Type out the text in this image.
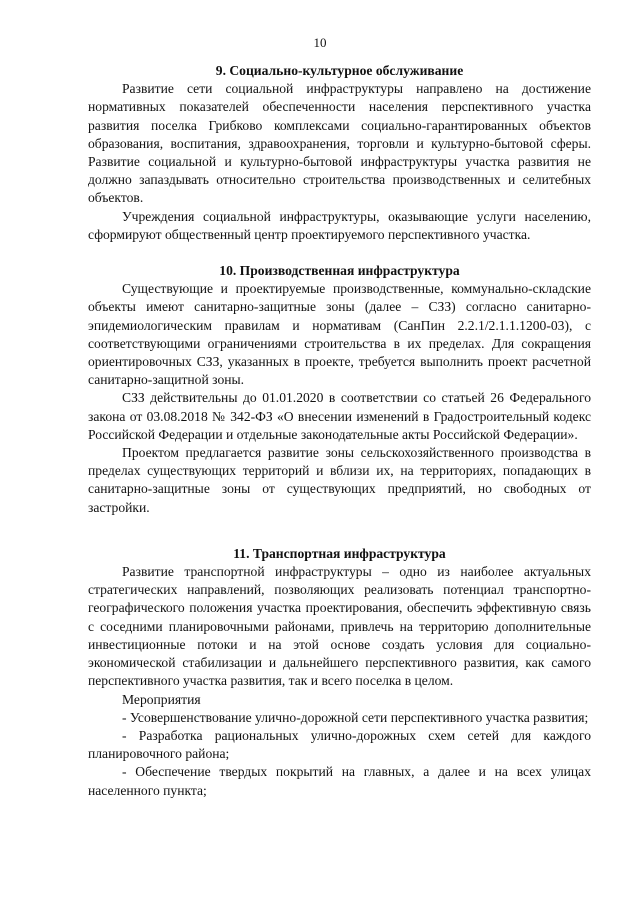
10
9. Социально-культурное обслуживание

Развитие сети социальной инфраструктуры направлено на достижение нормативных показателей обеспеченности населения перспективного участка развития поселка Грибково комплексами социально-гарантированных объектов образования, воспитания, здравоохранения, торговли и культурно-бытовой сферы. Развитие социальной и культурно-бытовой инфраструктуры участка развития не должно запаздывать относительно строительства производственных и селитебных объектов.

Учреждения социальной инфраструктуры, оказывающие услуги населению, сформируют общественный центр проектируемого перспективного участка.

10. Производственная инфраструктура

Существующие и проектируемые производственные, коммунально-складские объекты имеют санитарно-защитные зоны (далее – СЗЗ) согласно санитарно-эпидемиологическим правилам и нормативам (СанПин 2.2.1/2.1.1.1200-03), с соответствующими ограничениями строительства в их пределах. Для сокращения ориентировочных СЗЗ, указанных в проекте, требуется выполнить проект расчетной санитарно-защитной зоны.

СЗЗ действительны до 01.01.2020 в соответствии со статьей 26 Федерального закона от 03.08.2018 № 342-ФЗ «О внесении изменений в Градостроительный кодекс Российской Федерации и отдельные законодательные акты Российской Федерации».

Проектом предлагается развитие зоны сельскохозяйственного производства в пределах существующих территорий и вблизи их, на территориях, попадающих в санитарно-защитные зоны от существующих предприятий, но свободных от застройки.

11. Транспортная инфраструктура

Развитие транспортной инфраструктуры – одно из наиболее актуальных стратегических направлений, позволяющих реализовать потенциал транспортно-географического положения участка проектирования, обеспечить эффективную связь с соседними планировочными районами, привлечь на территорию дополнительные инвестиционные потоки и на этой основе создать условия для социально-экономической стабилизации и дальнейшего перспективного развития, как самого перспективного участка развития, так и всего поселка в целом.

Мероприятия

- Усовершенствование улично-дорожной сети перспективного участка развития;

- Разработка рациональных улично-дорожных схем сетей для каждого планировочного района;

- Обеспечение твердых покрытий на главных, а далее и на всех улицах населенного пункта;
